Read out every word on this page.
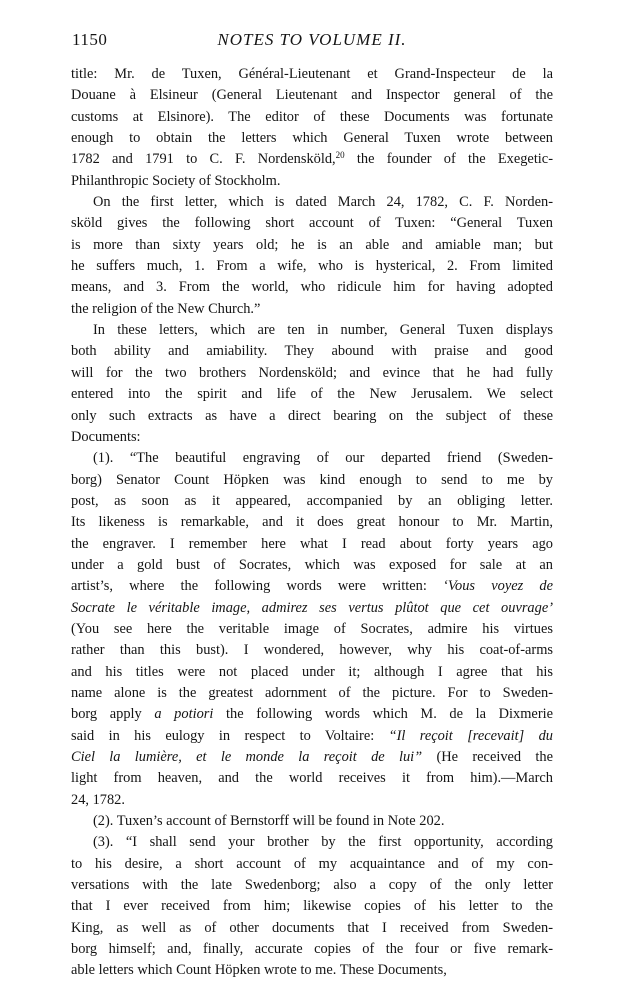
1150	NOTES TO VOLUME II.
title: Mr. de Tuxen, Général-Lieutenant et Grand-Inspecteur de la
Douane à Elsineur (General Lieutenant and Inspector general of the
customs at Elsinore). The editor of these Documents was fortunate
enough to obtain the letters which General Tuxen wrote between
1782 and 1791 to C. F. Nordensköld,$^{20}$ the founder of the Exegetic-
Philanthropic Society of Stockholm.
On the first letter, which is dated March 24, 1782, C. F. Norden-
sköld gives the following short account of Tuxen: “General Tuxen
is more than sixty years old; he is an able and amiable man; but
he suffers much, 1. From a wife, who is hysterical, 2. From limited
means, and 3. From the world, who ridicule him for having adopted
the religion of the New Church.”
In these letters, which are ten in number, General Tuxen displays
both ability and amiability. They abound with praise and good
will for the two brothers Nordensköld; and evince that he had fully
entered into the spirit and life of the New Jerusalem. We select
only such extracts as have a direct bearing on the subject of these
Documents:
(1). “The beautiful engraving of our departed friend (Sweden-
borg) Senator Count Höpken was kind enough to send to me by
post, as soon as it appeared, accompanied by an obliging letter.
Its likeness is remarkable, and it does great honour to Mr. Martin,
the engraver. I remember here what I read about forty years ago
under a gold bust of Socrates, which was exposed for sale at an
artist’s, where the following words were written: ‘Vous voyez de
Socrate le véritable image, admirez ses vertus plûtot que cet ouvrage’
(You see here the veritable image of Socrates, admire his virtues
rather than this bust). I wondered, however, why his coat-of-arms
and his titles were not placed under it; although I agree that his
name alone is the greatest adornment of the picture. For to Sweden-
borg apply a potiori the following words which M. de la Dixmerie
said in his eulogy in respect to Voltaire: “Il reçoit [recevait] du
Ciel la lumière, et le monde la reçoit de lui” (He received the
light from heaven, and the world receives it from him).—March
24, 1782.
(2). Tuxen’s account of Bernstorff will be found in Note 202.
(3). “I shall send your brother by the first opportunity, according
to his desire, a short account of my acquaintance and of my con-
versations with the late Swedenborg; also a copy of the only letter
that I ever received from him; likewise copies of his letter to the
King, as well as of other documents that I received from Sweden-
borg himself; and, finally, accurate copies of the four or five remark-
able letters which Count Höpken wrote to me. These Documents,
